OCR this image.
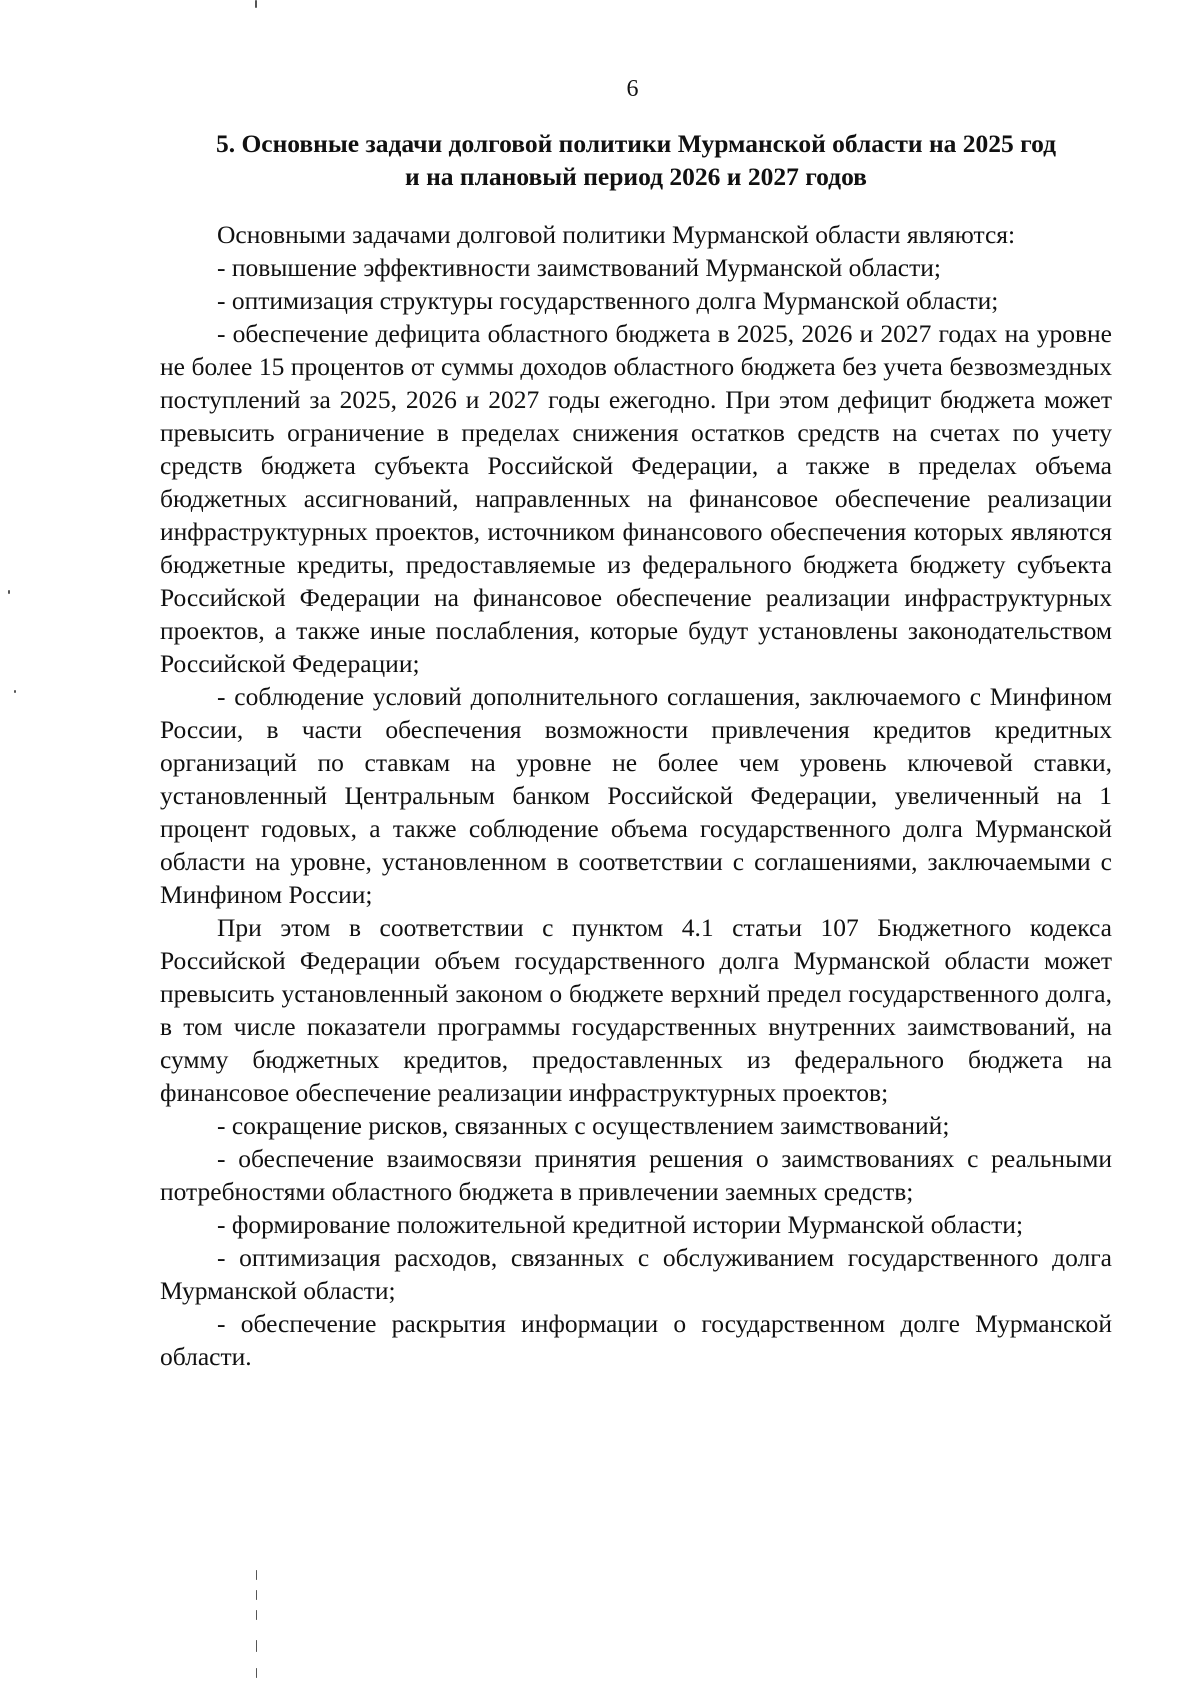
6
5. Основные задачи долговой политики Мурманской области на 2025 год
и на плановый период 2026 и 2027 годов

Основными задачами долговой политики Мурманской области являются:

- повышение эффективности заимствований Мурманской области;

- оптимизация структуры государственного долга Мурманской области;

- обеспечение дефицита областного бюджета в 2025, 2026 и 2027 годах на уровне не более 15 процентов от суммы доходов областного бюджета без учета безвозмездных поступлений за 2025, 2026 и 2027 годы ежегодно. При этом дефицит бюджета может превысить ограничение в пределах снижения остатков средств на счетах по учету средств бюджета субъекта Российской Федерации, а также в пределах объема бюджетных ассигнований, направленных на финансовое обеспечение реализации инфраструктурных проектов, источником финансового обеспечения которых являются бюджетные кредиты, предоставляемые из федерального бюджета бюджету субъекта Российской Федерации на финансовое обеспечение реализации инфраструктурных проектов, а также иные послабления, которые будут установлены законодательством Российской Федерации;

- соблюдение условий дополнительного соглашения, заключаемого с Минфином России, в части обеспечения возможности привлечения кредитов кредитных организаций по ставкам на уровне не более чем уровень ключевой ставки, установленный Центральным банком Российской Федерации, увеличенный на 1 процент годовых, а также соблюдение объема государственного долга Мурманской области на уровне, установленном в соответствии с соглашениями, заключаемыми с Минфином России;

При этом в соответствии с пунктом 4.1 статьи 107 Бюджетного кодекса Российской Федерации объем государственного долга Мурманской области может превысить установленный законом о бюджете верхний предел государственного долга, в том числе показатели программы государственных внутренних заимствований, на сумму бюджетных кредитов, предоставленных из федерального бюджета на финансовое обеспечение реализации инфраструктурных проектов;

- сокращение рисков, связанных с осуществлением заимствований;

- обеспечение взаимосвязи принятия решения о заимствованиях с реальными потребностями областного бюджета в привлечении заемных средств;

- формирование положительной кредитной истории Мурманской области;

- оптимизация расходов, связанных с обслуживанием государственного долга Мурманской области;

- обеспечение раскрытия информации о государственном долге Мурманской области.
